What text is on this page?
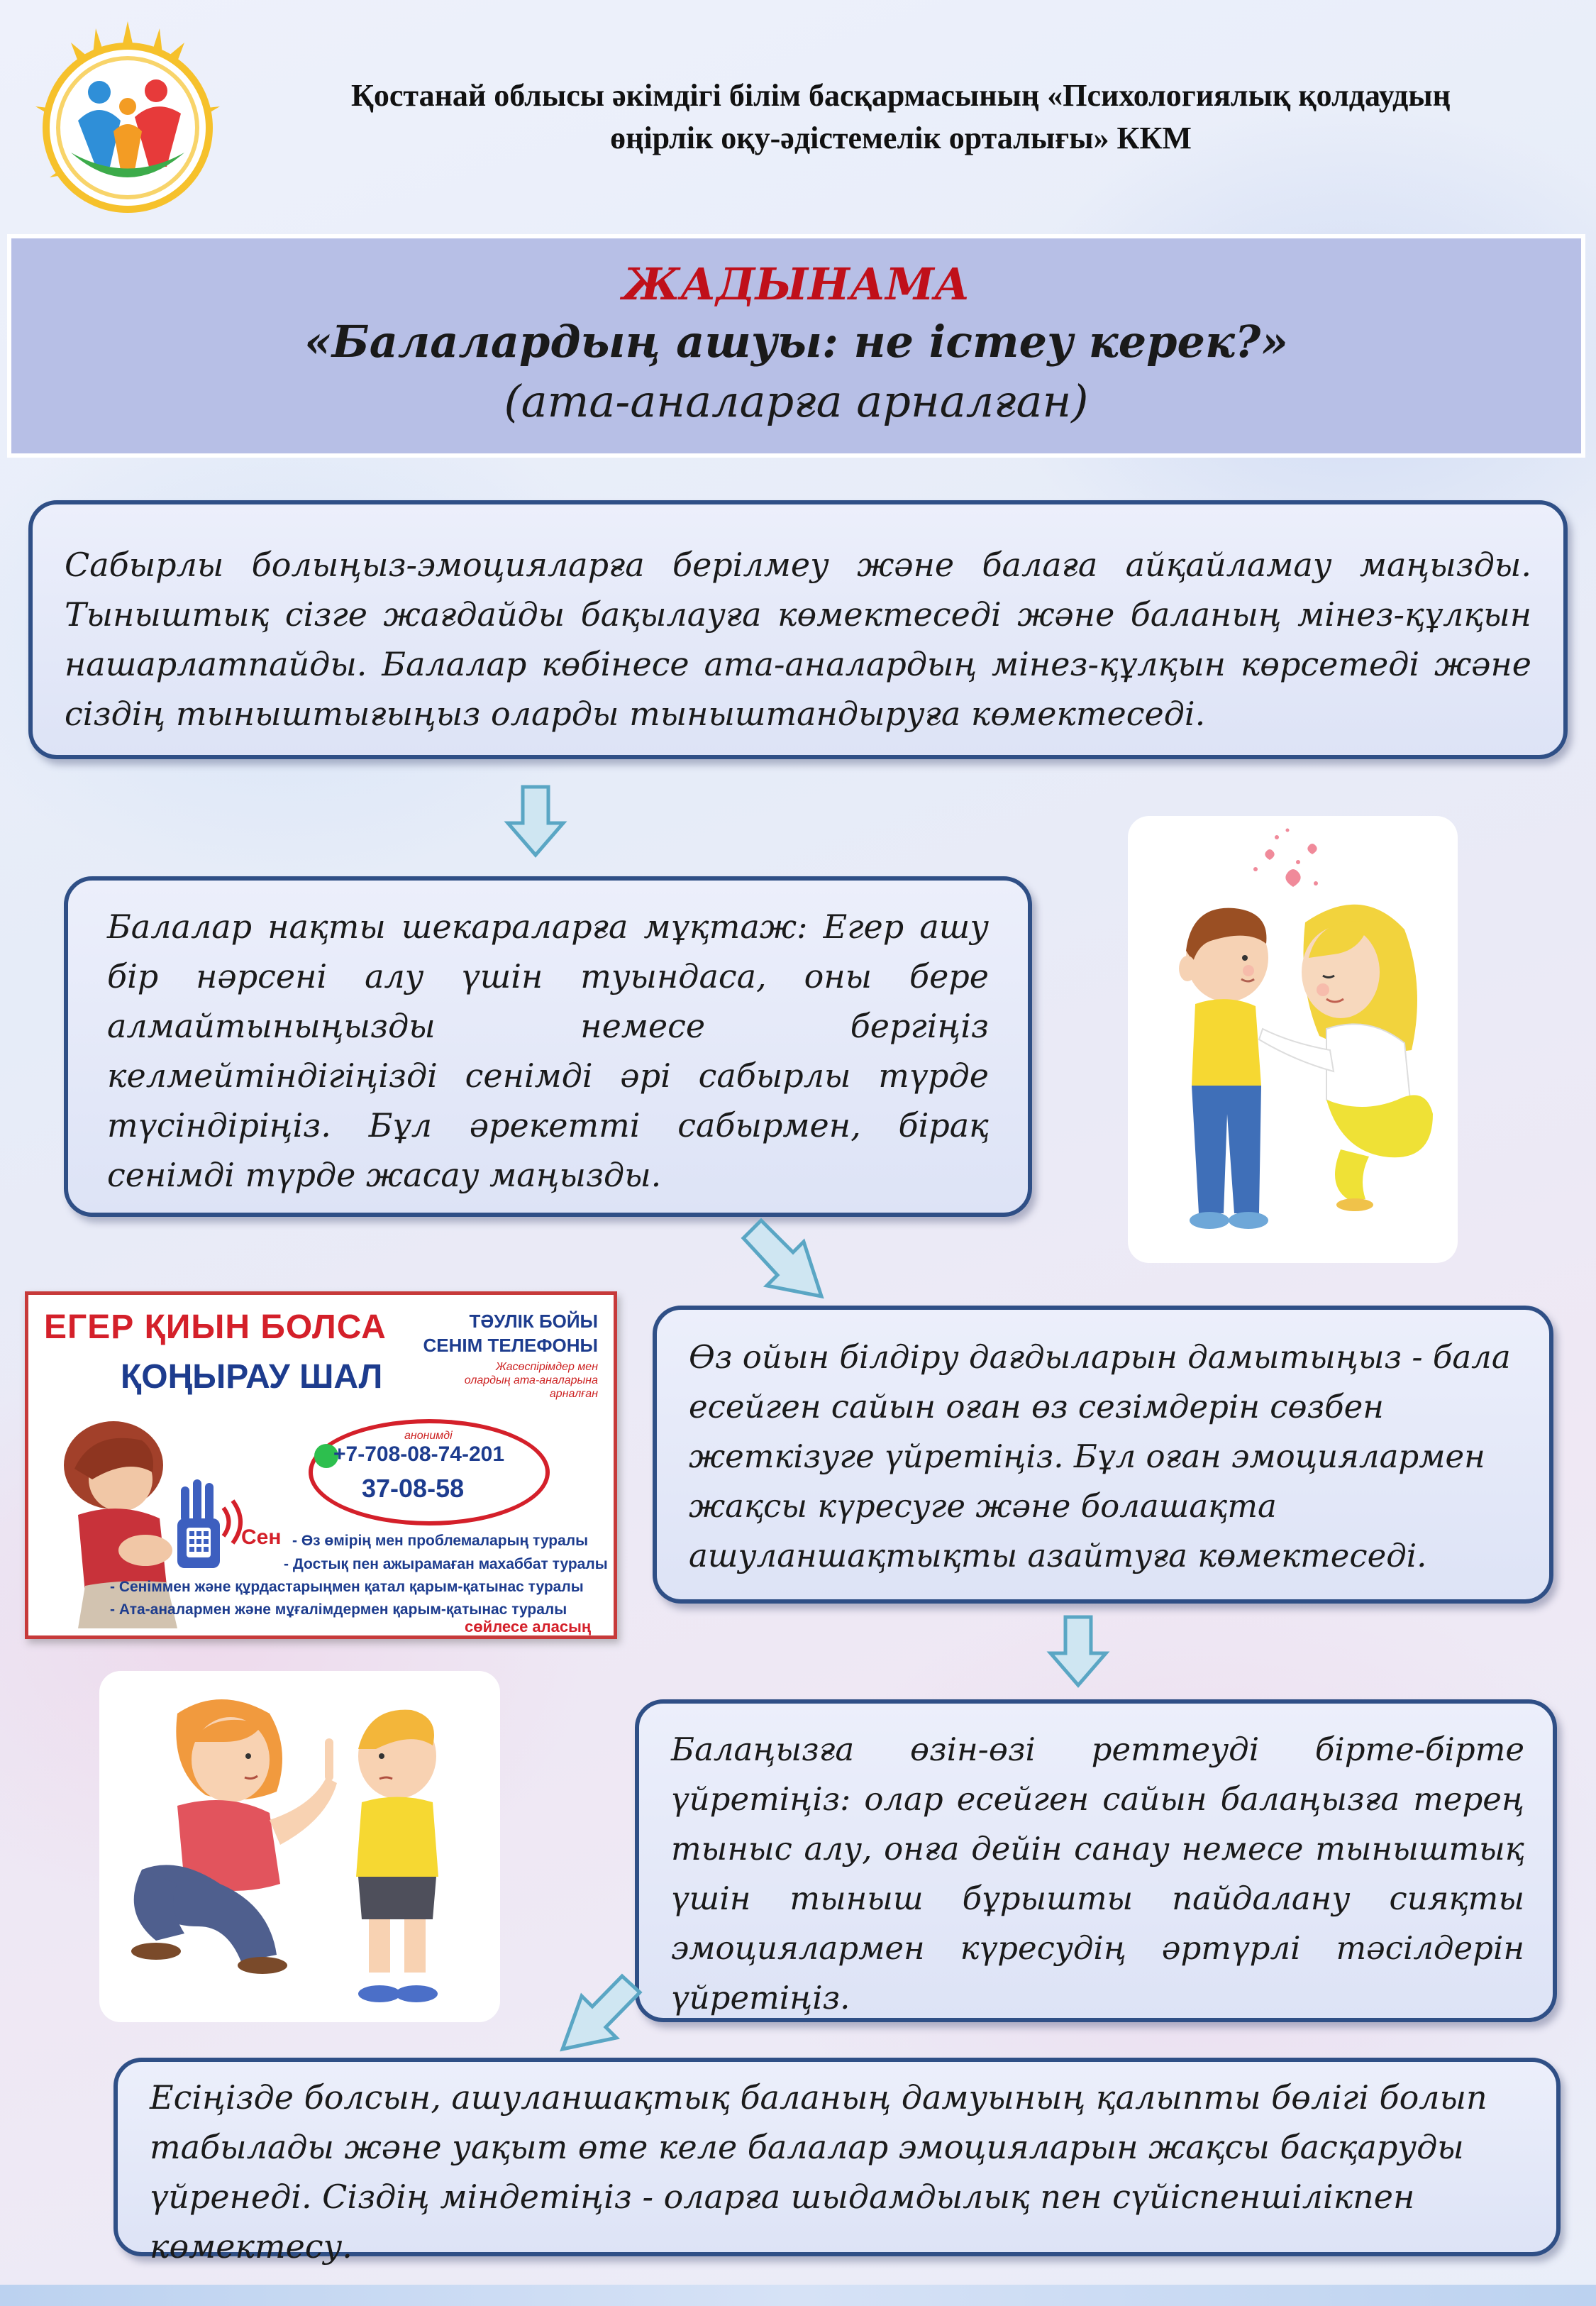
Қостанай облысы әкімдігі білім басқармасының «Психологиялық қолдаудың
өңірлік оқу-әдістемелік орталығы» ККМ
ЖАДЫНАМА
«Балалардың ашуы: не істеу керек?»
(ата-аналарға арналған)

Сабырлы болыңыз-эмоцияларға берілмеу және балаға айқайламау маңызды. Тыныштық сізге жағдайды бақылауға көмектеседі және баланың мінез-құлқын нашарлатпайды. Балалар көбінесе ата-аналардың мінез-құлқын көрсетеді және сіздің тыныштығыңыз оларды тыныштандыруға көмектеседі.

Балалар нақты шекараларға мұқтаж: Егер ашу бір нәрсені алу үшін туындаса, оны бере алмайтыныңызды немесе бергіңіз келмейтіндігіңізді сенімді әрі сабырлы түрде түсіндіріңіз. Бұл әрекетті сабырмен, бірақ сенімді түрде жасау маңызды.

ЕГЕР ҚИЫН БОЛСА
ҚОҢЫРАУ ШАЛ
ТӘУЛІК БОЙЫ
СЕНІМ ТЕЛЕФОНЫ
Жасөспірімдер мен олардың ата-аналарына арналған
анонимді
+7-708-08-74-201
37-08-58
Сен - Өз өмірің мен проблемаларың туралы
- Достық пен ажырамаған махаббат туралы
- Сеніммен және құрдастарыңмен қатал қарым-қатынас туралы
- Ата-аналармен және мұғалімдермен қарым-қатынас туралы
сөйлесе аласың

Өз ойын білдіру дағдыларын дамытыңыз - бала есейген сайын оған өз сезімдерін сөзбен жеткізуге үйретіңіз. Бұл оған эмоциялармен жақсы күресуге және болашақта ашуланшақтықты азайтуға көмектеседі.

Балаңызға өзін-өзі реттеуді бірте-бірте үйретіңіз: олар есейген сайын балаңызға терең тыныс алу, онға дейін санау немесе тыныштық үшін тыныш бұрышты пайдалану сияқты эмоциялармен күресудің әртүрлі тәсілдерін үйретіңіз.

Есіңізде болсын, ашуланшақтық баланың дамуының қалыпты бөлігі болып табылады және уақыт өте келе балалар эмоцияларын жақсы басқаруды үйренеді. Сіздің міндетіңіз - оларға шыдамдылық пен сүйіспеншілікпен көмектесу.
